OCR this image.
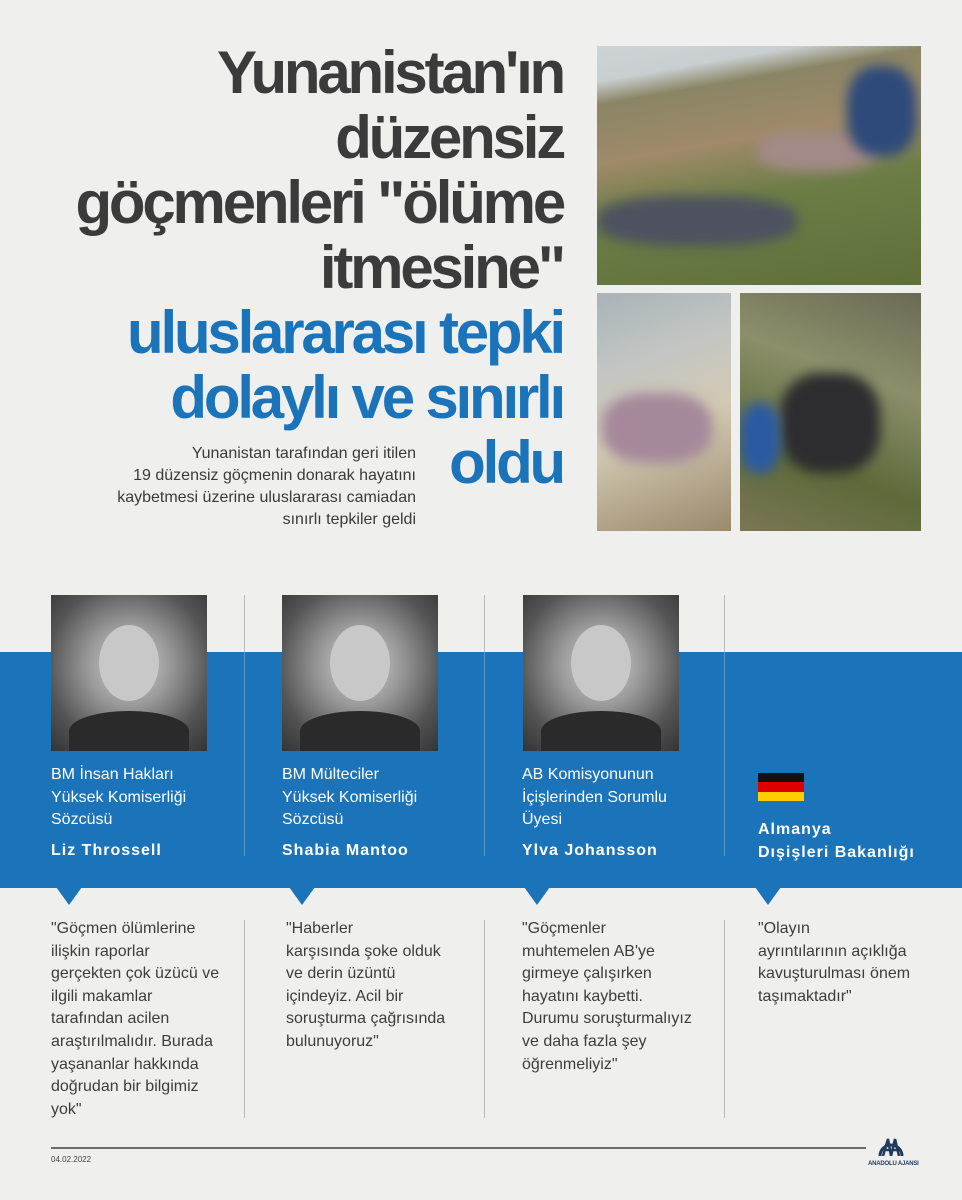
Yunanistan'ın
düzensiz
göçmenleri "ölüme
itmesine"
uluslararası tepki
dolaylı ve sınırlı
oldu
Yunanistan tarafından geri itilen
19 düzensiz göçmenin donarak hayatını
kaybetmesi üzerine uluslararası camiadan
sınırlı tepkiler geldi
BM İnsan Hakları
Yüksek Komiserliği
Sözcüsü
Liz Throssell
BM Mülteciler
Yüksek Komiserliği
Sözcüsü
Shabia Mantoo
AB Komisyonunun
İçişlerinden Sorumlu
Üyesi
Ylva Johansson
Almanya
Dışişleri Bakanlığı
"Göçmen ölümlerine
ilişkin raporlar
gerçekten çok üzücü ve
ilgili makamlar
tarafından acilen
araştırılmalıdır. Burada
yaşananlar hakkında
doğrudan bir bilgimiz
yok"
"Haberler
karşısında şoke olduk
ve derin üzüntü
içindeyiz. Acil bir
soruşturma çağrısında
bulunuyoruz"
"Göçmenler
muhtemelen AB'ye
girmeye çalışırken
hayatını kaybetti.
Durumu soruşturmalıyız
ve daha fazla şey
öğrenmeliyiz"
"Olayın
ayrıntılarının açıklığa
kavuşturulması önem
taşımaktadır"
04.02.2022	ANADOLU AJANSI
